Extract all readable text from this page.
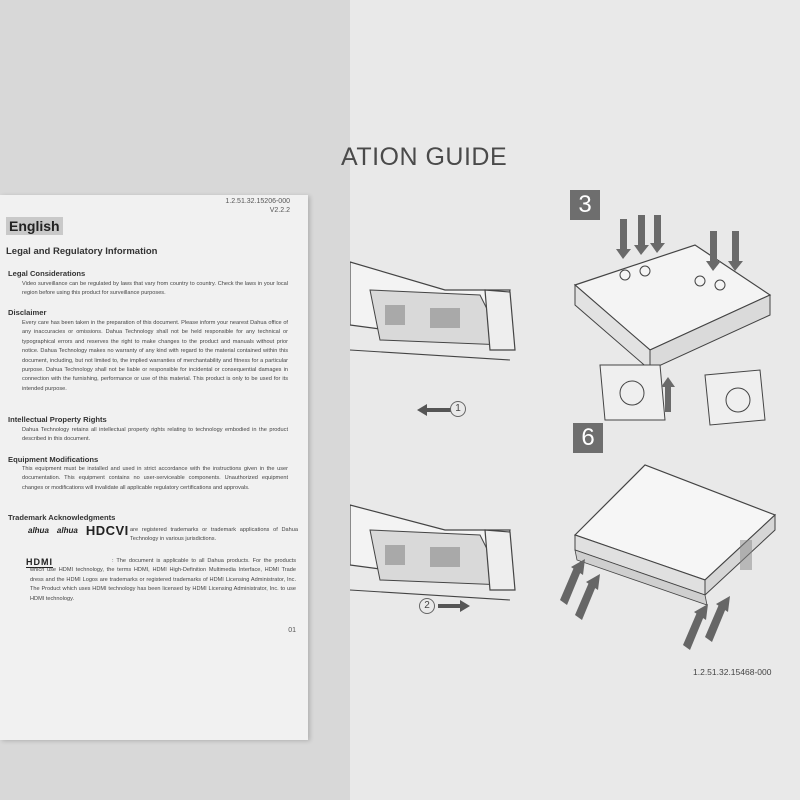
ATION GUIDE
1
2
3
6
1.2.51.32.15468-000
1.2.51.32.15206-000
V2.2.2
English
Legal and Regulatory Information
Legal Considerations
Video surveillance can be regulated by laws that vary from country to country. Check the laws in your local region before using this product for surveillance purposes.
Disclaimer
Every care has been taken in the preparation of this document. Please inform your nearest Dahua office of any inaccuracies or omissions. Dahua Technology shall not be held responsible for any technical or typographical errors and reserves the right to make changes to the product and manuals without prior notice. Dahua Technology makes no warranty of any kind with regard to the material contained within this document, including, but not limited to, the implied warranties of merchantability and fitness for a particular purpose. Dahua Technology shall not be liable or responsible for incidental or consequential damages in connection with the furnishing, performance or use of this material. This product is only to be used for its intended purpose.
Intellectual Property Rights
Dahua Technology retains all intellectual property rights relating to technology embodied in the product described in this document.
Equipment Modifications
This equipment must be installed and used in strict accordance with the instructions given in the user documentation. This equipment contains no user-serviceable components. Unauthorized equipment changes or modifications will invalidate all applicable regulatory certifications and approvals.
Trademark Acknowledgments
alhua alhua HDCVI are registered trademarks or trademark applications of Dahua Technology in various jurisdictions.
HDMI	: The document is applicable to all Dahua products. For the products which use HDMI technology, the terms HDMI, HDMI High-Definition Multimedia Interface, HDMI Trade dress and the HDMI Logos are trademarks or registered trademarks of HDMI Licensing Administrator, Inc. The Product which uses HDMI technology has been licensed by HDMI Licensing Administrator, Inc. to use HDMI technology.
01
